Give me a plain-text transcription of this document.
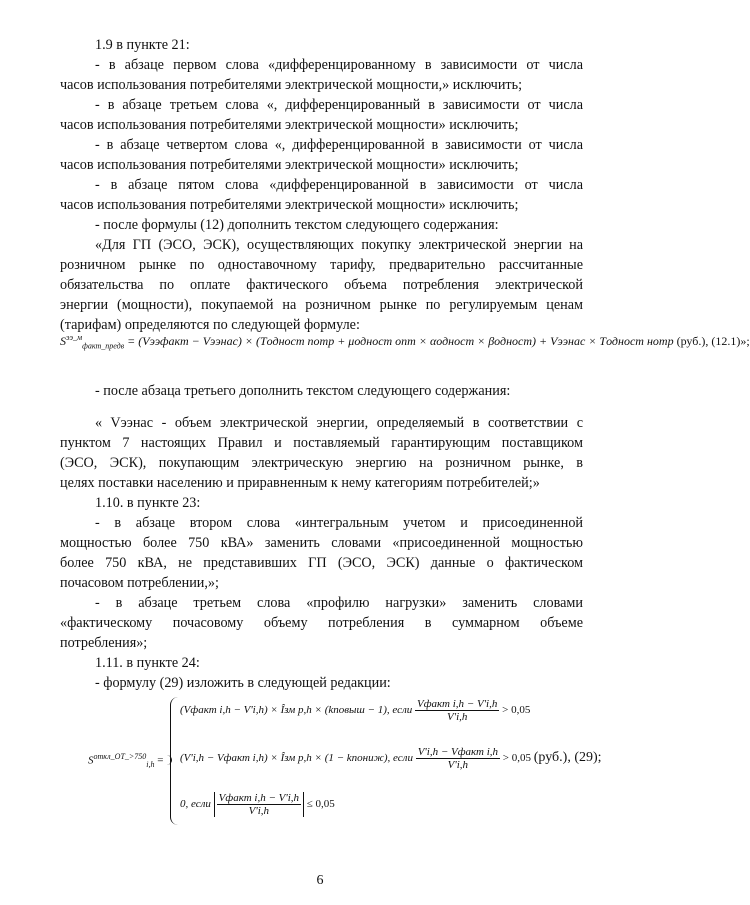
1.9 в пункте 21:
- в абзаце первом слова «дифференцированному в зависимости от числа
часов использования потребителями электрической мощности,» исключить;
- в абзаце третьем слова «, дифференцированный в зависимости от числа
часов использования потребителями электрической мощности» исключить;
- в абзаце четвертом слова «, дифференцированной в зависимости от числа
часов использования потребителями электрической мощности» исключить;
- в абзаце пятом слова «дифференцированной в зависимости от числа
часов использования потребителями электрической мощности» исключить;
- после формулы (12) дополнить текстом следующего содержания:
«Для ГП (ЭСО, ЭСК), осуществляющих покупку электрической энергии на
розничном рынке по одноставочному тарифу, предварительно рассчитанные
обязательства по оплате фактического объема потребления электрической
энергии (мощности), покупаемой на розничном рынке по регулируемым ценам
(тарифам) определяются по следующей формуле:
$S^{ээ\_м}_{факт\_предв}$ = (Vээфакт − Vээнас) × (Tодност потр + μодност опт × αодност × βодност) + Vээнас × Tодност нотр (руб.), (12.1)»;
- после абзаца третьего дополнить текстом следующего содержания:
« Vээнас - объем электрической энергии, определяемый в соответствии с
пунктом 7 настоящих Правил и поставляемый гарантирующим поставщиком
(ЭСО, ЭСК), покупающим электрическую энергию на розничном рынке, в
целях поставки населению и приравненным к нему категориям потребителей;»
1.10. в пункте 23:
- в абзаце втором слова «интегральным учетом и присоединенной
мощностью более 750 кВА» заменить словами «присоединенной мощностью
более 750 кВА, не представивших ГП (ЭСО, ЭСК) данные о фактическом
почасовом потреблении,»;
- в абзаце третьем слова «профилю нагрузки» заменить словами
«фактическому почасовому объему потребления в суммарном объеме
потребления»;
1.11. в пункте 24:
- формулу (29) изложить в следующей редакции:
$S^{откл\_ОТ\_>750}_{i,h}$ =
(Vфакт i,h − V'i,h) × Îзм p,h × (kповыш − 1), если $\frac{\text{Vфакт i,h − V'i,h}}{V'i,h} > 0,05$
(V'i,h − Vфакт i,h) × Îзм p,h × (1 − kпониж), если $\frac{\text{V'i,h − Vфакт i,h}}{V'i,h} > 0,05$ (руб.), (29);
0, если $\frac{\text{Vфакт i,h − V'i,h}}{V'i,h} \le 0,05$
6
